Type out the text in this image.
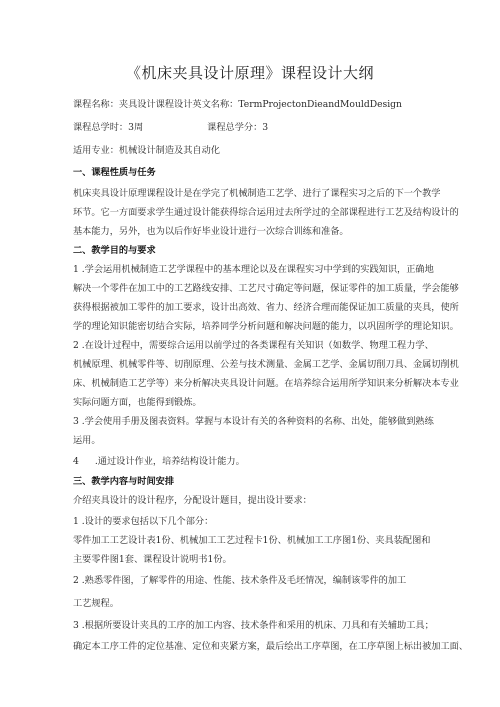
《机床夹具设计原理》课程设计大纲
课程名称：夹具设计课程设计英文名称：TermProjectonDieandMouldDesign
课程总学时：3周	课程总学分：3
适用专业：机械设计制造及其自动化
一、课程性质与任务
机床夹具设计原理课程设计是在学完了机械制造工艺学、进行了课程实习之后的下一个教学
环节。它一方面要求学生通过设计能获得综合运用过去所学过的全部课程进行工艺及结构设计的
基本能力，另外，也为以后作好毕业设计进行一次综合训练和准备。
二、教学目的与要求
1 .学会运用机械制造工艺学课程中的基本理论以及在课程实习中学到的实践知识，正确地
解决一个零件在加工中的工艺路线安排、工艺尺寸确定等问题，保证零件的加工质量，学会能够
获得根据被加工零件的加工要求，设计出高效、省力、经济合理而能保证加工质量的夹具，使所
学的理论知识能密切结合实际，培养同学分析问题和解决问题的能力，以巩固所学的理论知识。
2 .在设计过程中，需要综合运用以前学过的各类课程有关知识（如数学、物理工程力学、
机械原理、机械零件等、切削原理、公差与技术测量、金属工艺学、金属切削刀具、金属切削机
床、机械制造工艺学等）来分析解决夹具设计问题。在培养综合运用所学知识来分析解决本专业
实际问题方面，也能得到锻炼。
3 .学会使用手册及图表资料。掌握与本设计有关的各种资料的名称、出处，能够做到熟练
运用。
4 .通过设计作业，培养结构设计能力。
三、教学内容与时间安排
介绍夹具设计的设计程序，分配设计题目，提出设计要求：
1 .设计的要求包括以下几个部分：
零件加工工艺设计表1份、机械加工工艺过程卡1份、机械加工工序图1份、夹具装配图和
主要零件图1套、课程设计说明书1份。
2 .熟悉零件图，了解零件的用途、性能、技术条件及毛坯情况，编制该零件的加工
工艺规程。
3 .根据所要设计夹具的工序的加工内容、技术条件和采用的机床、刀具和有关辅助工具；
确定本工序工件的定位基准、定位和夹紧方案，最后绘出工序草图，在工序草图上标出被加工面、
